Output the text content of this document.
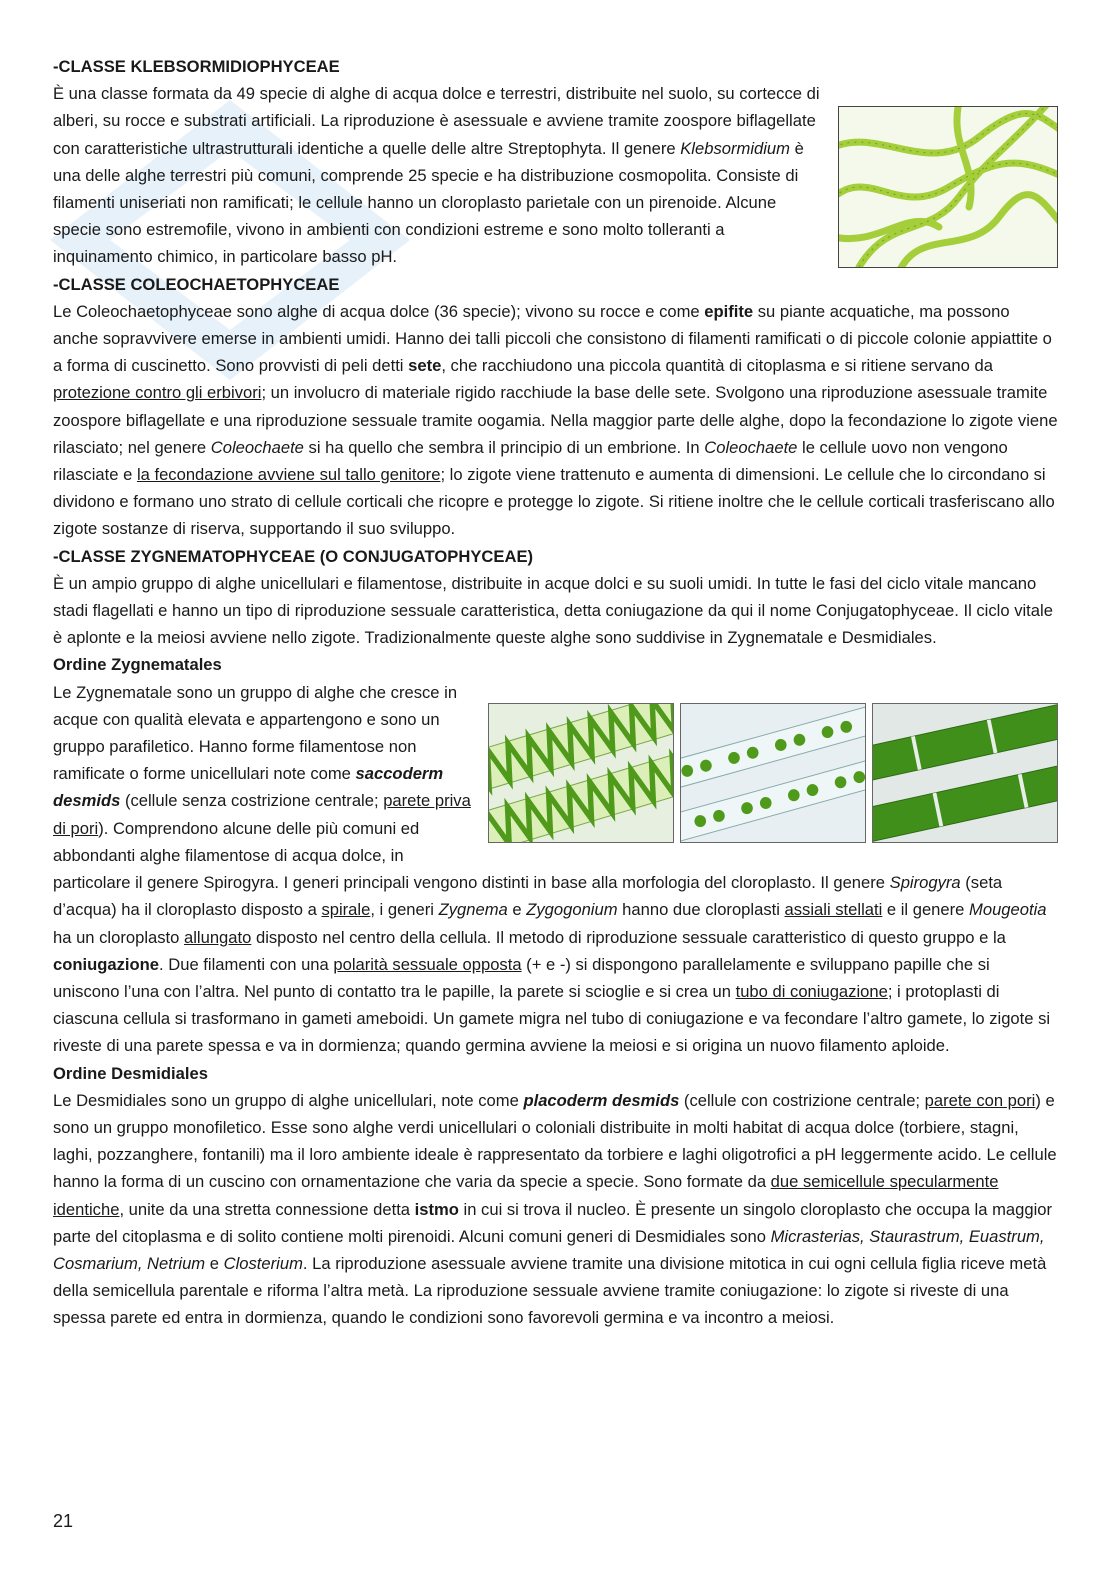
-CLASSE KLEBSORMIDIOPHYCEAE

È una classe formata da 49 specie di alghe di acqua dolce e terrestri, distribuite nel suolo, su cortecce di alberi, su rocce e substrati artificiali. La riproduzione è asessuale e avviene tramite zoospore biflagellate con caratteristiche ultrastrutturali identiche a quelle delle altre Streptophyta. Il genere Klebsormidium è una delle alghe terrestri più comuni, comprende 25 specie e ha distribuzione cosmopolita. Consiste di filamenti uniseriati non ramificati; le cellule hanno un cloroplasto parietale con un pirenoide. Alcune specie sono estremofile, vivono in ambienti con condizioni estreme e sono molto tolleranti a inquinamento chimico, in particolare basso pH.

-CLASSE COLEOCHAETOPHYCEAE

Le Coleochaetophyceae sono alghe di acqua dolce (36 specie); vivono su rocce e come epifite su piante acquatiche, ma possono anche sopravvivere emerse in ambienti umidi. Hanno dei talli piccoli che consistono di filamenti ramificati o di piccole colonie appiattite o a forma di cuscinetto. Sono provvisti di peli detti sete, che racchiudono una piccola quantità di citoplasma e si ritiene servano da protezione contro gli erbivori; un involucro di materiale rigido racchiude la base delle sete. Svolgono una riproduzione asessuale tramite zoospore biflagellate e una riproduzione sessuale tramite oogamia. Nella maggior parte delle alghe, dopo la fecondazione lo zigote viene rilasciato; nel genere Coleochaete si ha quello che sembra il principio di un embrione. In Coleochaete le cellule uovo non vengono rilasciate e la fecondazione avviene sul tallo genitore; lo zigote viene trattenuto e aumenta di dimensioni. Le cellule che lo circondano si dividono e formano uno strato di cellule corticali che ricopre e protegge lo zigote. Si ritiene inoltre che le cellule corticali trasferiscano allo zigote sostanze di riserva, supportando il suo sviluppo.

-CLASSE ZYGNEMATOPHYCEAE (O CONJUGATOPHYCEAE)

È un ampio gruppo di alghe unicellulari e filamentose, distribuite in acque dolci e su suoli umidi. In tutte le fasi del ciclo vitale mancano stadi flagellati e hanno un tipo di riproduzione sessuale caratteristica, detta coniugazione da qui il nome Conjugatophyceae. Il ciclo vitale è aplonte e la meiosi avviene nello zigote. Tradizionalmente queste alghe sono suddivise in Zygnematale e Desmidiales.

Ordine Zygnematales

Le Zygnematale sono un gruppo di alghe che cresce in acque con qualità elevata e appartengono e sono un gruppo parafiletico. Hanno forme filamentose non ramificate o forme unicellulari note come saccoderm desmids (cellule senza costrizione centrale; parete priva di pori). Comprendono alcune delle più comuni ed abbondanti alghe filamentose di acqua dolce, in particolare il genere Spirogyra. I generi principali vengono distinti in base alla morfologia del cloroplasto. Il genere Spirogyra (seta d’acqua) ha il cloroplasto disposto a spirale, i generi Zygnema e Zygogonium hanno due cloroplasti assiali stellati e il genere Mougeotia ha un cloroplasto allungato disposto nel centro della cellula. Il metodo di riproduzione sessuale caratteristico di questo gruppo e la coniugazione. Due filamenti con una polarità sessuale opposta (+ e -) si dispongono parallelamente e sviluppano papille che si uniscono l’una con l’altra. Nel punto di contatto tra le papille, la parete si scioglie e si crea un tubo di coniugazione; i protoplasti di ciascuna cellula si trasformano in gameti ameboidi. Un gamete migra nel tubo di coniugazione e va fecondare l’altro gamete, lo zigote si riveste di una parete spessa e va in dormienza; quando germina avviene la meiosi e si origina un nuovo filamento aploide.

Ordine Desmidiales

Le Desmidiales sono un gruppo di alghe unicellulari, note come placoderm desmids (cellule con costrizione centrale; parete con pori) e sono un gruppo monofiletico. Esse sono alghe verdi unicellulari o coloniali distribuite in molti habitat di acqua dolce (torbiere, stagni, laghi, pozzanghere, fontanili) ma il loro ambiente ideale è rappresentato da torbiere e laghi oligotrofici a pH leggermente acido. Le cellule hanno la forma di un cuscino con ornamentazione che varia da specie a specie. Sono formate da due semicellule specularmente identiche, unite da una stretta connessione detta istmo in cui si trova il nucleo. È presente un singolo cloroplasto che occupa la maggior parte del citoplasma e di solito contiene molti pirenoidi. Alcuni comuni generi di Desmidiales sono Micrasterias, Staurastrum, Euastrum, Cosmarium, Netrium e Closterium. La riproduzione asessuale avviene tramite una divisione mitotica in cui ogni cellula figlia riceve metà della semicellula parentale e riforma l’altra metà. La riproduzione sessuale avviene tramite coniugazione: lo zigote si riveste di una spessa parete ed entra in dormienza, quando le condizioni sono favorevoli germina e va incontro a meiosi.

21
